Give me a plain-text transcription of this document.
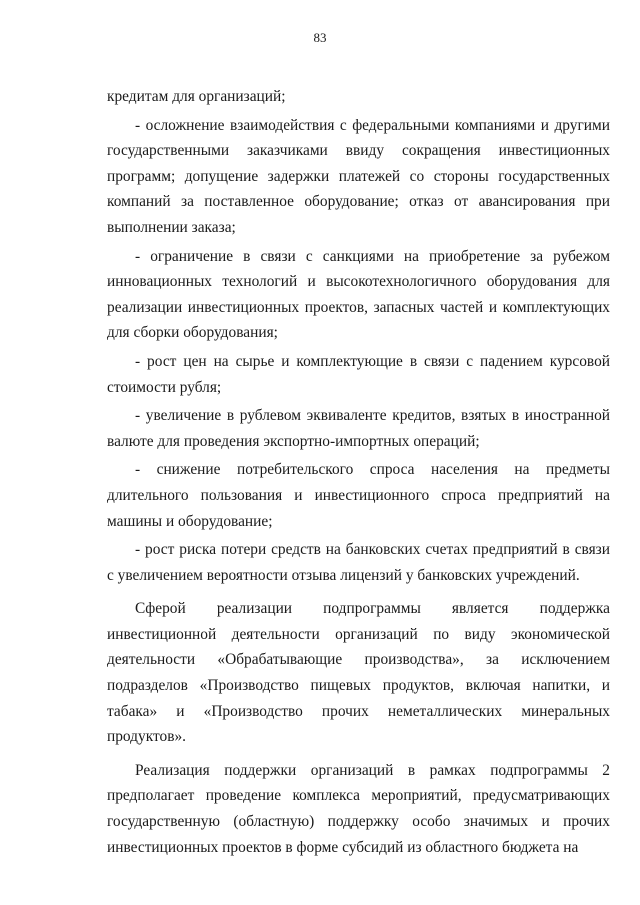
83

кредитам для организаций;

- осложнение взаимодействия с федеральными компаниями и другими государственными заказчиками ввиду сокращения инвестиционных программ; допущение задержки платежей со стороны государственных компаний за поставленное оборудование; отказ от авансирования при выполнении заказа;

- ограничение в связи с санкциями на приобретение за рубежом инновационных технологий и высокотехнологичного оборудования для реализации инвестиционных проектов, запасных частей и комплектующих для сборки оборудования;

- рост цен на сырье и комплектующие в связи с падением курсовой стоимости рубля;

- увеличение в рублевом эквиваленте кредитов, взятых в иностранной валюте для проведения экспортно-импортных операций;

- снижение потребительского спроса населения на предметы длительного пользования и инвестиционного спроса предприятий на машины и оборудование;

- рост риска потери средств на банковских счетах предприятий в связи с увеличением вероятности отзыва лицензий у банковских учреждений.

Сферой реализации подпрограммы является поддержка инвестиционной деятельности организаций по виду экономической деятельности «Обрабатывающие производства», за исключением подразделов «Производство пищевых продуктов, включая напитки, и табака» и «Производство прочих неметаллических минеральных продуктов».

Реализация поддержки организаций в рамках подпрограммы 2 предполагает проведение комплекса мероприятий, предусматривающих государственную (областную) поддержку особо значимых и прочих инвестиционных проектов в форме субсидий из областного бюджета на
